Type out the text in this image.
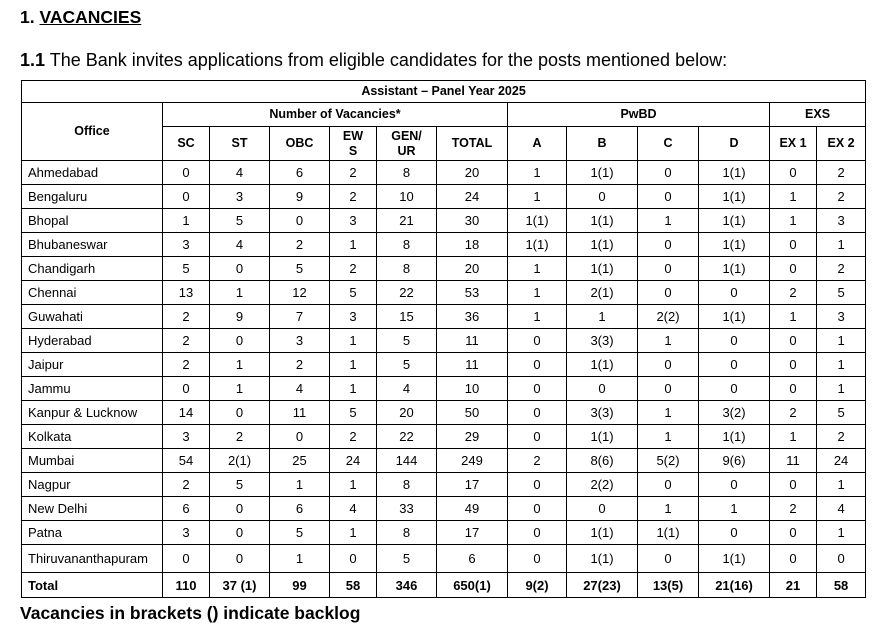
1. VACANCIES
1.1 The Bank invites applications from eligible candidates for the posts mentioned below:
Assistant – Panel Year 2025												
Office	Number of Vacancies*						PwBD				EXS	
	SC	ST	OBC	EW S	GEN/ UR	TOTAL	A	B	C	D	EX 1	EX 2
Ahmedabad	0	4	6	2	8	20	1	1(1)	0	1(1)	0	2
Bengaluru	0	3	9	2	10	24	1	0	0	1(1)	1	2
Bhopal	1	5	0	3	21	30	1(1)	1(1)	1	1(1)	1	3
Bhubaneswar	3	4	2	1	8	18	1(1)	1(1)	0	1(1)	0	1
Chandigarh	5	0	5	2	8	20	1	1(1)	0	1(1)	0	2
Chennai	13	1	12	5	22	53	1	2(1)	0	0	2	5
Guwahati	2	9	7	3	15	36	1	1	2(2)	1(1)	1	3
Hyderabad	2	0	3	1	5	11	0	3(3)	1	0	0	1
Jaipur	2	1	2	1	5	11	0	1(1)	0	0	0	1
Jammu	0	1	4	1	4	10	0	0	0	0	0	1
Kanpur & Lucknow	14	0	11	5	20	50	0	3(3)	1	3(2)	2	5
Kolkata	3	2	0	2	22	29	0	1(1)	1	1(1)	1	2
Mumbai	54	2(1)	25	24	144	249	2	8(6)	5(2)	9(6)	11	24
Nagpur	2	5	1	1	8	17	0	2(2)	0	0	0	1
New Delhi	6	0	6	4	33	49	0	0	1	1	2	4
Patna	3	0	5	1	8	17	0	1(1)	1(1)	0	0	1
Thiruvananthapuram	0	0	1	0	5	6	0	1(1)	0	1(1)	0	0
Total	110	37 (1)	99	58	346	650(1)	9(2)	27(23)	13(5)	21(16)	21	58
Vacancies in brackets () indicate backlog
